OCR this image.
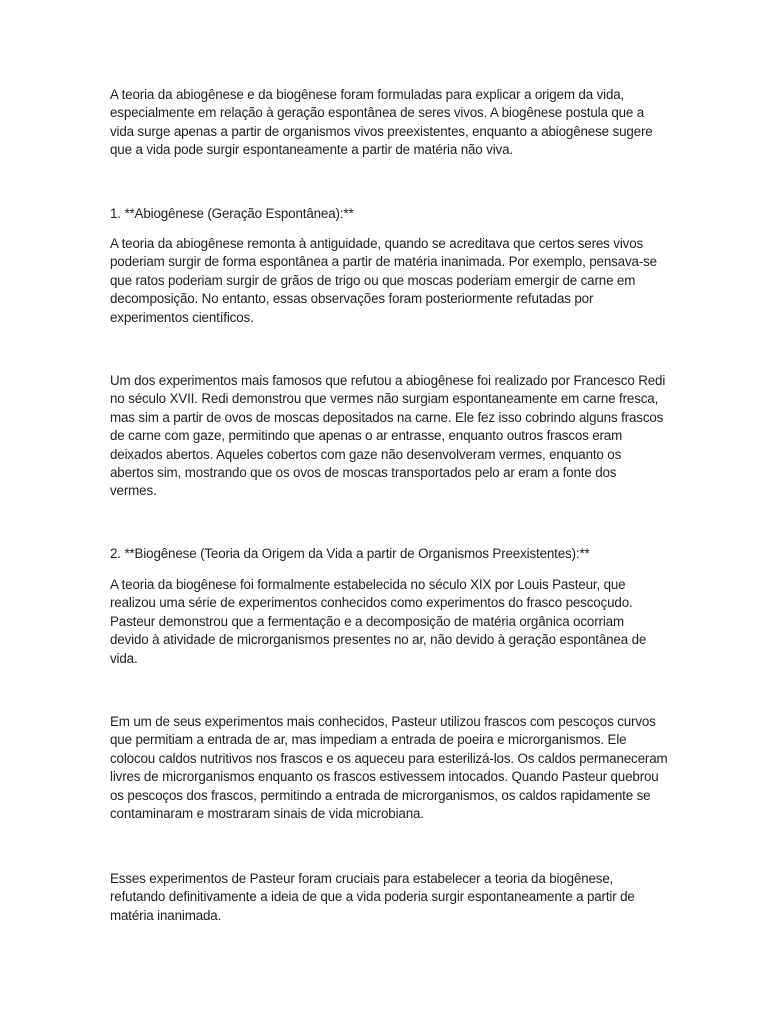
A teoria da abiogênese e da biogênese foram formuladas para explicar a origem da vida,
especialmente em relação à geração espontânea de seres vivos. A biogênese postula que a
vida surge apenas a partir de organismos vivos preexistentes, enquanto a abiogênese sugere
que a vida pode surgir espontaneamente a partir de matéria não viva.

1. **Abiogênese (Geração Espontânea):**

A teoria da abiogênese remonta à antiguidade, quando se acreditava que certos seres vivos
poderiam surgir de forma espontânea a partir de matéria inanimada. Por exemplo, pensava-se
que ratos poderiam surgir de grãos de trigo ou que moscas poderiam emergir de carne em
decomposição. No entanto, essas observações foram posteriormente refutadas por
experimentos científicos.

Um dos experimentos mais famosos que refutou a abiogênese foi realizado por Francesco Redi
no século XVII. Redi demonstrou que vermes não surgiam espontaneamente em carne fresca,
mas sim a partir de ovos de moscas depositados na carne. Ele fez isso cobrindo alguns frascos
de carne com gaze, permitindo que apenas o ar entrasse, enquanto outros frascos eram
deixados abertos. Aqueles cobertos com gaze não desenvolveram vermes, enquanto os
abertos sim, mostrando que os ovos de moscas transportados pelo ar eram a fonte dos
vermes.

2. **Biogênese (Teoria da Origem da Vida a partir de Organismos Preexistentes):**

A teoria da biogênese foi formalmente estabelecida no século XIX por Louis Pasteur, que
realizou uma série de experimentos conhecidos como experimentos do frasco pescoçudo.
Pasteur demonstrou que a fermentação e a decomposição de matéria orgânica ocorriam
devido à atividade de microrganismos presentes no ar, não devido à geração espontânea de
vida.

Em um de seus experimentos mais conhecidos, Pasteur utilizou frascos com pescoços curvos
que permitiam a entrada de ar, mas impediam a entrada de poeira e microrganismos. Ele
colocou caldos nutritivos nos frascos e os aqueceu para esterilizá-los. Os caldos permaneceram
livres de microrganismos enquanto os frascos estivessem intocados. Quando Pasteur quebrou
os pescoços dos frascos, permitindo a entrada de microrganismos, os caldos rapidamente se
contaminaram e mostraram sinais de vida microbiana.

Esses experimentos de Pasteur foram cruciais para estabelecer a teoria da biogênese,
refutando definitivamente a ideia de que a vida poderia surgir espontaneamente a partir de
matéria inanimada.
